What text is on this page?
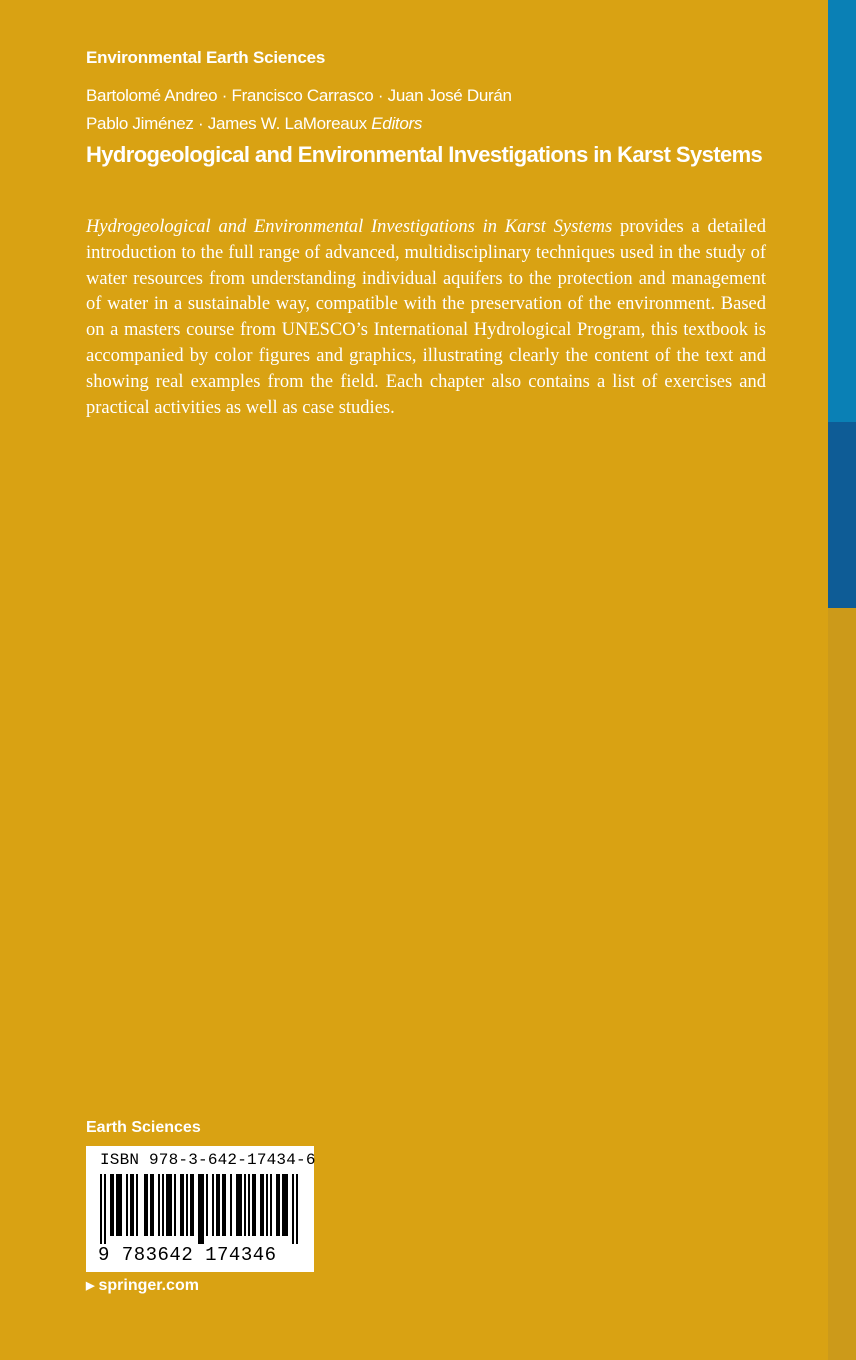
Environmental Earth Sciences
Bartolomé Andreo · Francisco Carrasco · Juan José Durán
Pablo Jiménez · James W. LaMoreaux Editors
Hydrogeological and Environmental Investigations in Karst Systems

Hydrogeological and Environmental Investigations in Karst Systems provides a detailed introduction to the full range of advanced, multidisciplinary techniques used in the study of water resources from understanding individual aquifers to the protection and management of water in a sustainable way, compatible with the preservation of the environment. Based on a masters course from UNESCO’s International Hydrological Program, this textbook is accompanied by color figures and graphics, illustrating clearly the content of the text and showing real examples from the field. Each chapter also contains a list of exercises and practical activities as well as case studies.

Earth Sciences
ISBN 978-3-642-17434-6
9 783642 174346
▶ springer.com
